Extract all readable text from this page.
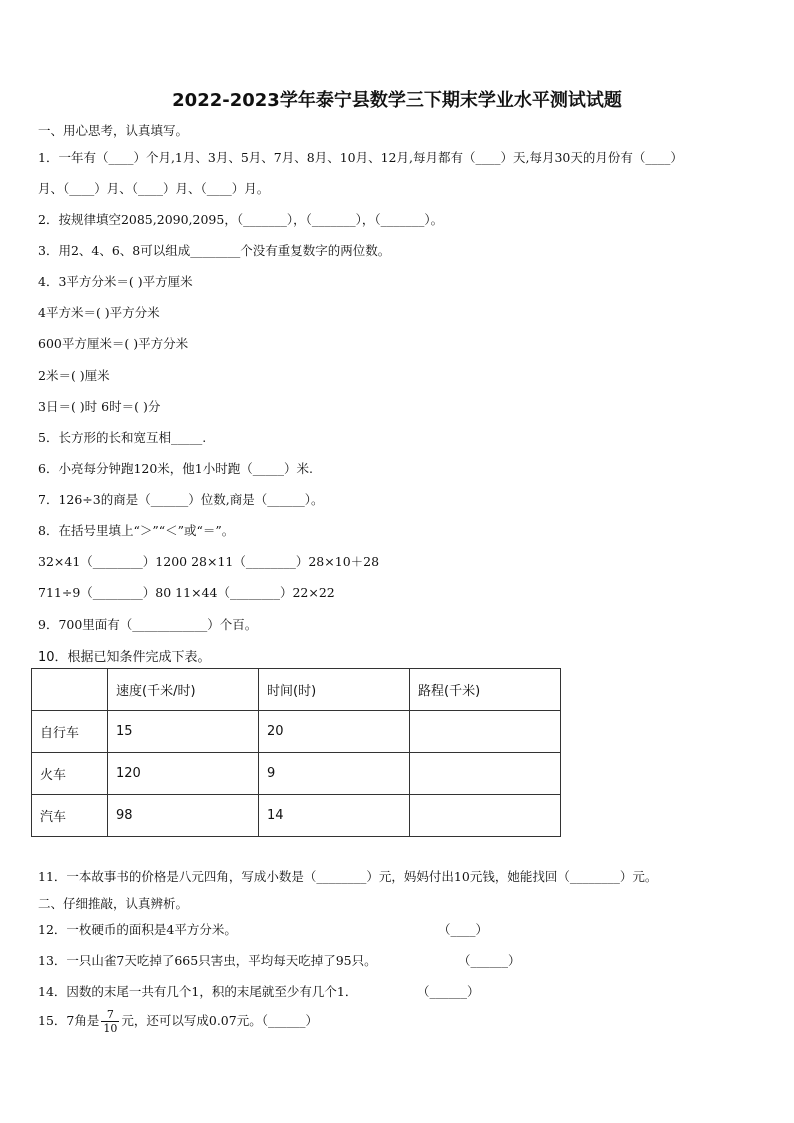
2022-2023学年泰宁县数学三下期末学业水平测试试题
一、用心思考，认真填写。
1．一年有（____）个月,1月、3月、5月、7月、8月、10月、12月,每月都有（____）天,每月30天的月份有（____）
月、（____）月、（____）月、（____）月。
2．按规律填空2085,2090,2095，（_______），（_______），（_______）。
3．用2、4、6、8可以组成________个没有重复数字的两位数。
4．3平方分米＝( )平方厘米
4平方米＝( )平方分米
600平方厘米＝( )平方分米
2米＝( )厘米
3日＝( )时 6时＝( )分
5．长方形的长和宽互相_____.
6．小亮每分钟跑120米，他1小时跑（_____）米.
7．126÷3的商是（______）位数,商是（______）。
8．在括号里填上“＞”“＜”或“＝”。
32×41（________）1200 28×11（________）28×10＋28
711÷9（________）80 11×44（________）22×22
9．700里面有（____________）个百。
10．根据已知条件完成下表。
	速度(千米/时)	时间(时)	路程(千米)
自行车	15	20	
火车	120	9	
汽车	98	14	
11．一本故事书的价格是八元四角，写成小数是（________）元，妈妈付出10元钱，她能找回（________）元。
二、仔细推敲，认真辨析。
12．一枚硬币的面积是4平方分米。	（____）
13．一只山雀7天吃掉了665只害虫，平均每天吃掉了95只。	（______）
14．因数的末尾一共有几个1，积的末尾就至少有几个1．	（______）
15．7角是 $\frac{7}{10}$ 元，还可以写成0.07元。（______）
